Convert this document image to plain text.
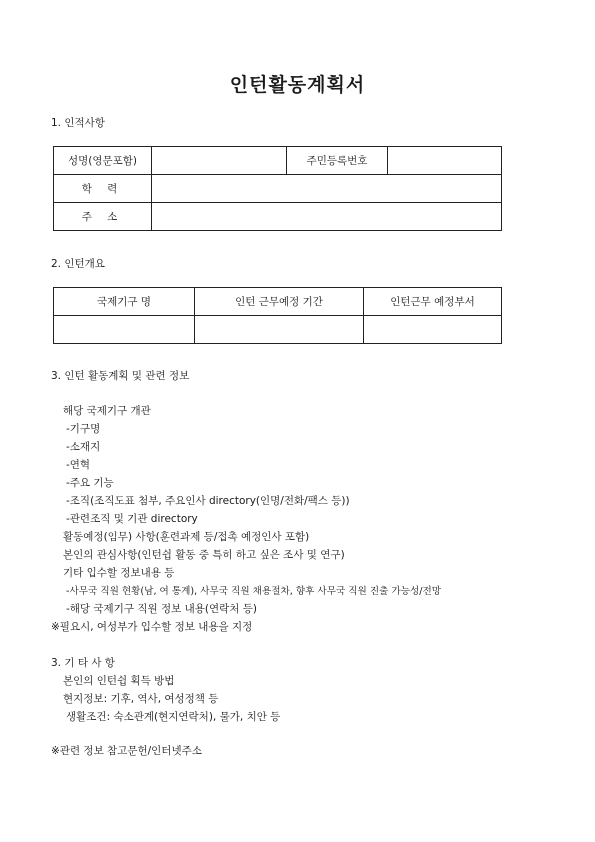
인턴활동계획서
1. 인적사항
성명(영문포함)		주민등록번호	
학 력			
주 소			
2. 인턴개요
국제기구 명	인턴 근무예정 기간	인턴근무 예정부서

3. 인턴 활동계획 및 관련 정보
해당 국제기구 개관
-기구명
-소재지
-연혁
-주요 기능
-조직(조직도표 첨부, 주요인사 directory(인명/전화/팩스 등))
-관련조직 및 기관 directory
활동예정(임무) 사항(훈련과제 등/접촉 예정인사 포함)
본인의 관심사항(인턴쉽 활동 중 특히 하고 싶은 조사 및 연구)
기타 입수할 정보내용 등
-사무국 직원 현황(남, 여 통계), 사무국 직원 채용절차, 향후 사무국 직원 진출 가능성/전망
-해당 국제기구 직원 정보 내용(연락처 등)
※필요시, 여성부가 입수할 정보 내용을 지정
3. 기 타 사 항
본인의 인턴쉽 획득 방법
현지정보: 기후, 역사, 여성정책 등
생활조건: 숙소관계(현지연락처), 물가, 치안 등
※관련 정보 참고문헌/인터넷주소
